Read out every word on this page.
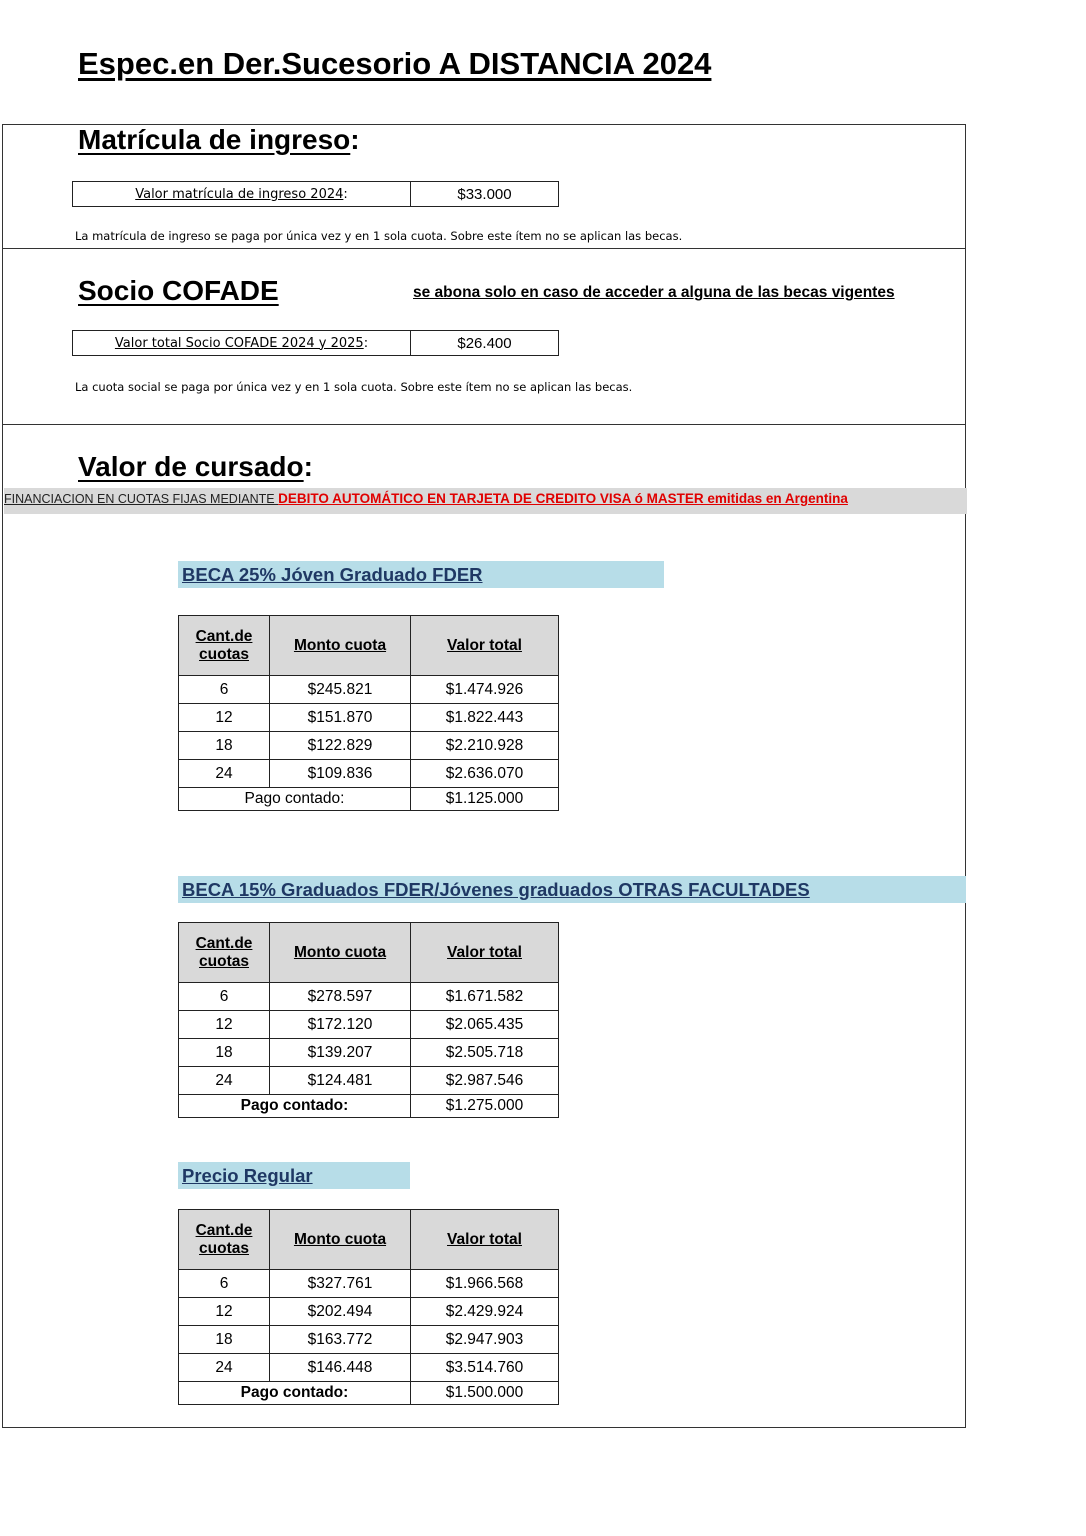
Espec.en Der.Sucesorio A DISTANCIA 2024
Matrícula de ingreso:
Valor matrícula de ingreso 2024 :	$33.000
La matrícula de ingreso se paga por única vez y en 1 sola cuota. Sobre este ítem no se aplican las becas.
Socio COFADE	se abona solo en caso de acceder a alguna de las becas vigentes
Valor total Socio COFADE 2024 y 2025 :	$26.400
La cuota social se paga por única vez y en 1 sola cuota. Sobre este ítem no se aplican las becas.
Valor de cursado:
FINANCIACION EN CUOTAS FIJAS MEDIANTE DEBITO AUTOMÁTICO EN TARJETA DE CREDITO VISA ó MASTER emitidas en Argentina
BECA 25% Jóven Graduado FDER
Cant.de
cuotas	Monto cuota	Valor total
6	$245.821	$1.474.926
12	$151.870	$1.822.443
18	$122.829	$2.210.928
24	$109.836	$2.636.070
Pago contado:		$1.125.000
BECA 15% Graduados FDER/Jóvenes graduados OTRAS FACULTADES
Cant.de
cuotas	Monto cuota	Valor total
6	$278.597	$1.671.582
12	$172.120	$2.065.435
18	$139.207	$2.505.718
24	$124.481	$2.987.546
Pago contado:		$1.275.000
Precio Regular
Cant.de
cuotas	Monto cuota	Valor total
6	$327.761	$1.966.568
12	$202.494	$2.429.924
18	$163.772	$2.947.903
24	$146.448	$3.514.760
Pago contado:		$1.500.000
